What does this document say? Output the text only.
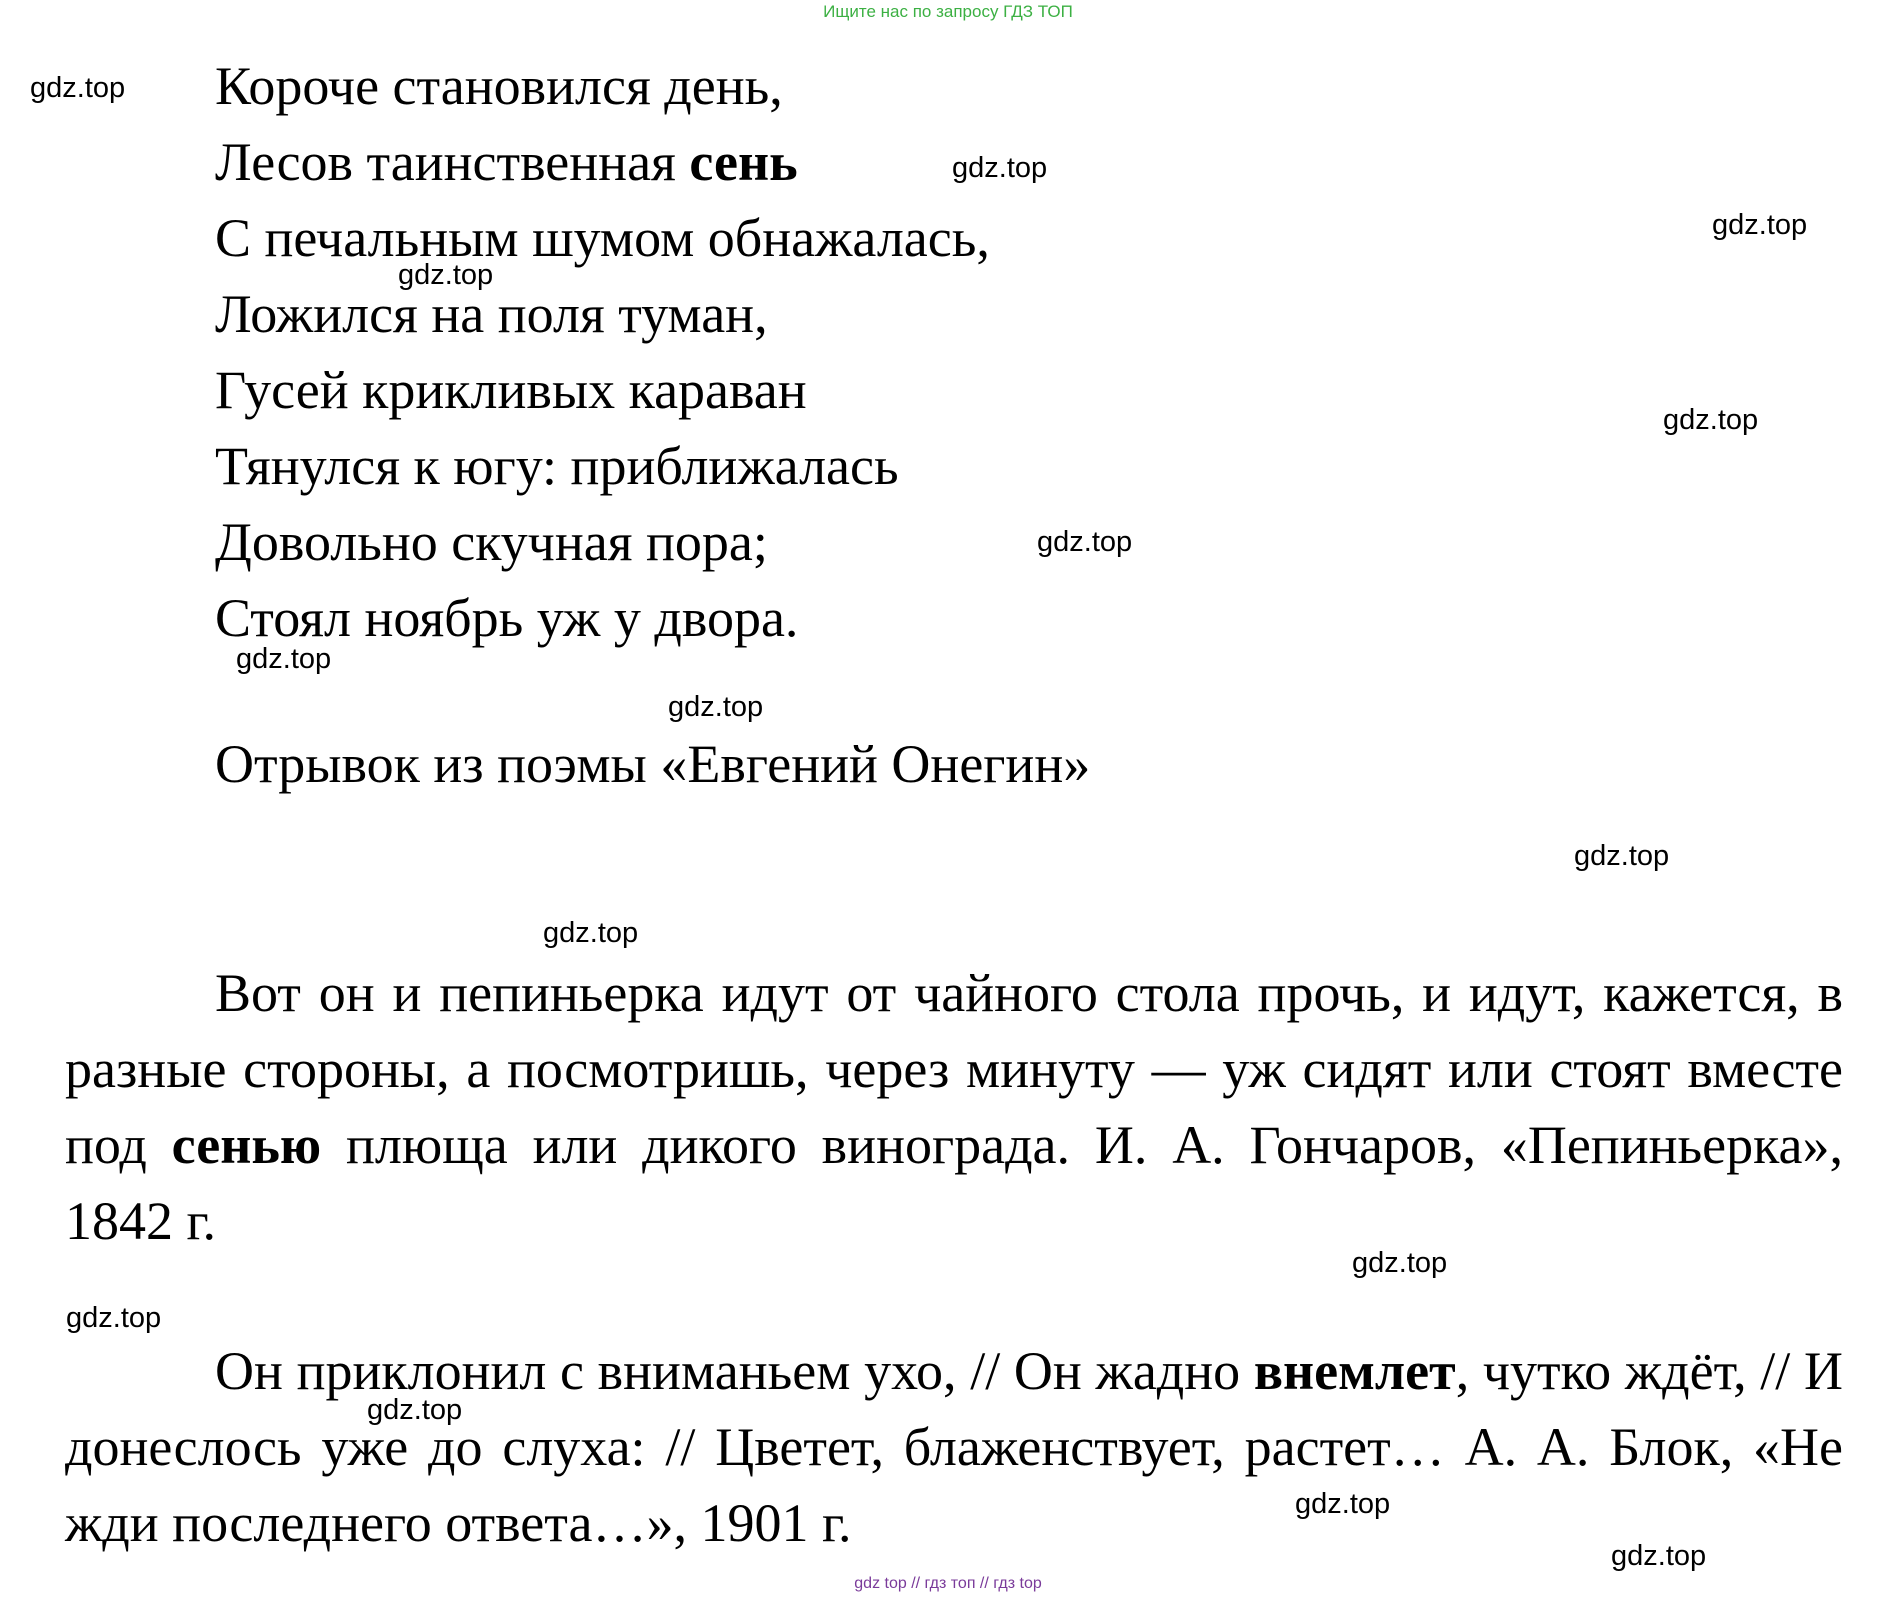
Ищите нас по запросу ГДЗ ТОП
Короче становился день,
Лесов таинственная сень
С печальным шумом обнажалась,
Ложился на поля туман,
Гусей крикливых караван
Тянулся к югу: приближалась
Довольно скучная пора;
Стоял ноябрь уж у двора.
Отрывок из поэмы «Евгений Онегин»

Вот он и пепиньерка идут от чайного стола прочь, и идут, кажется, в разные стороны, а посмотришь, через минуту — уж сидят или стоят вместе под сенью плюща или дикого винограда. И. А. Гончаров, «Пепиньерка», 1842 г.

Он приклонил с вниманьем ухо, // Он жадно внемлет, чутко ждёт, // И донеслось уже до слуха: // Цветет, блаженствует, растет… А. А. Блок, «Не жди последнего ответа…», 1901 г.

gdz.top
gdz.top
gdz.top
gdz.top
gdz.top
gdz.top
gdz.top
gdz.top
gdz.top
gdz.top
gdz.top
gdz.top
gdz.top
gdz.top
gdz.top
gdz top // гдз топ // гдз top
